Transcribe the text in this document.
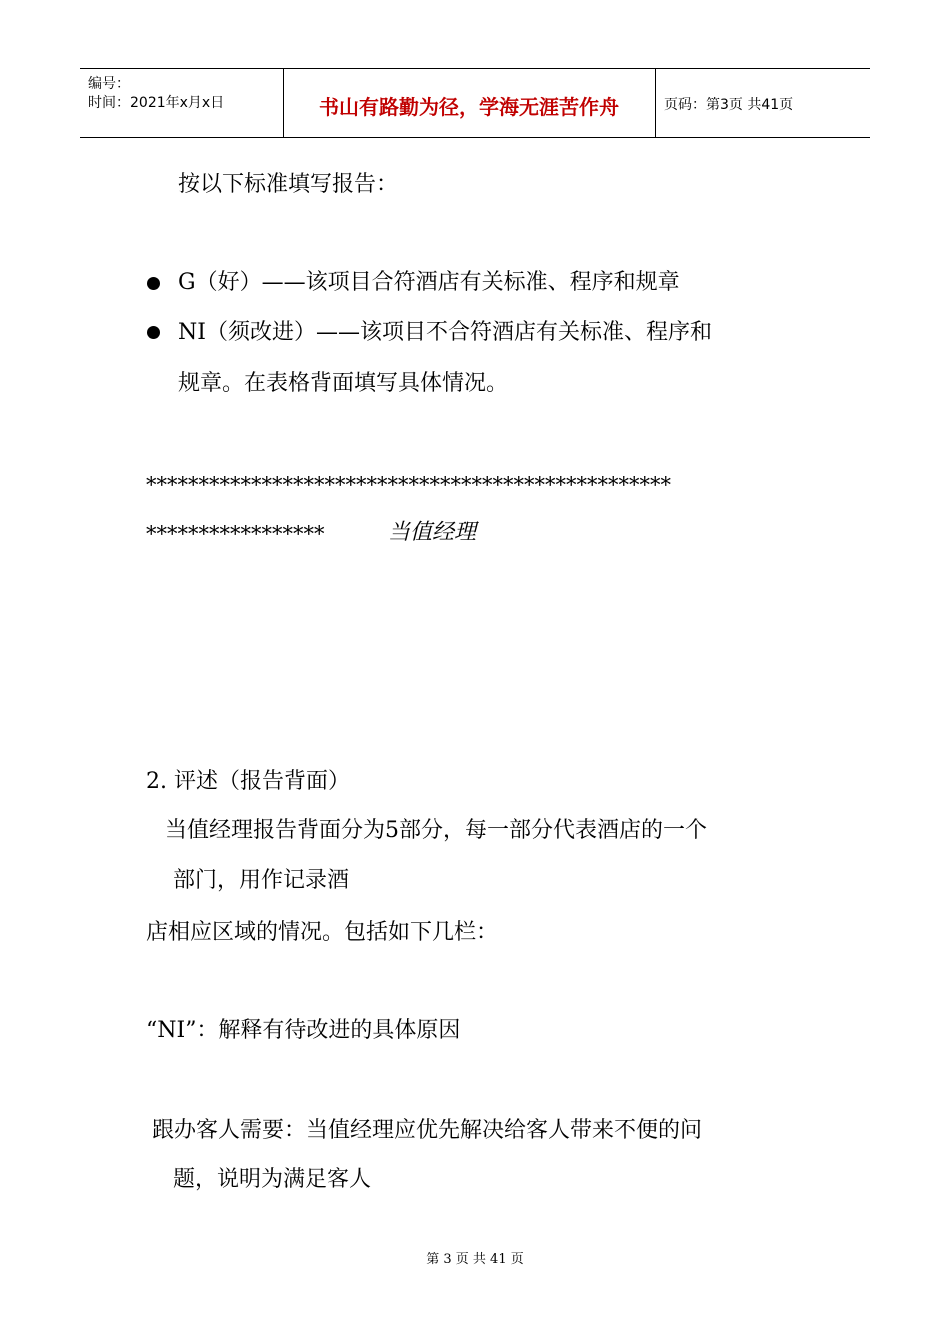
编号：
时间：2021年x月x日	书山有路勤为径，学海无涯苦作舟	页码：第3页 共41页
按以下标准填写报告：
G（好）——该项目合符酒店有关标准、程序和规章
NI（须改进）——该项目不合符酒店有关标准、程序和
规章。在表格背面填写具体情况。
**************************************************
*****************	当值经理
2. 评述（报告背面）
当值经理报告背面分为5部分，每一部分代表酒店的一个
部门，用作记录酒
店相应区域的情况。包括如下几栏：
“NI”：解释有待改进的具体原因
跟办客人需要：当值经理应优先解决给客人带来不便的问
题，说明为满足客人
第 3 页 共 41 页
